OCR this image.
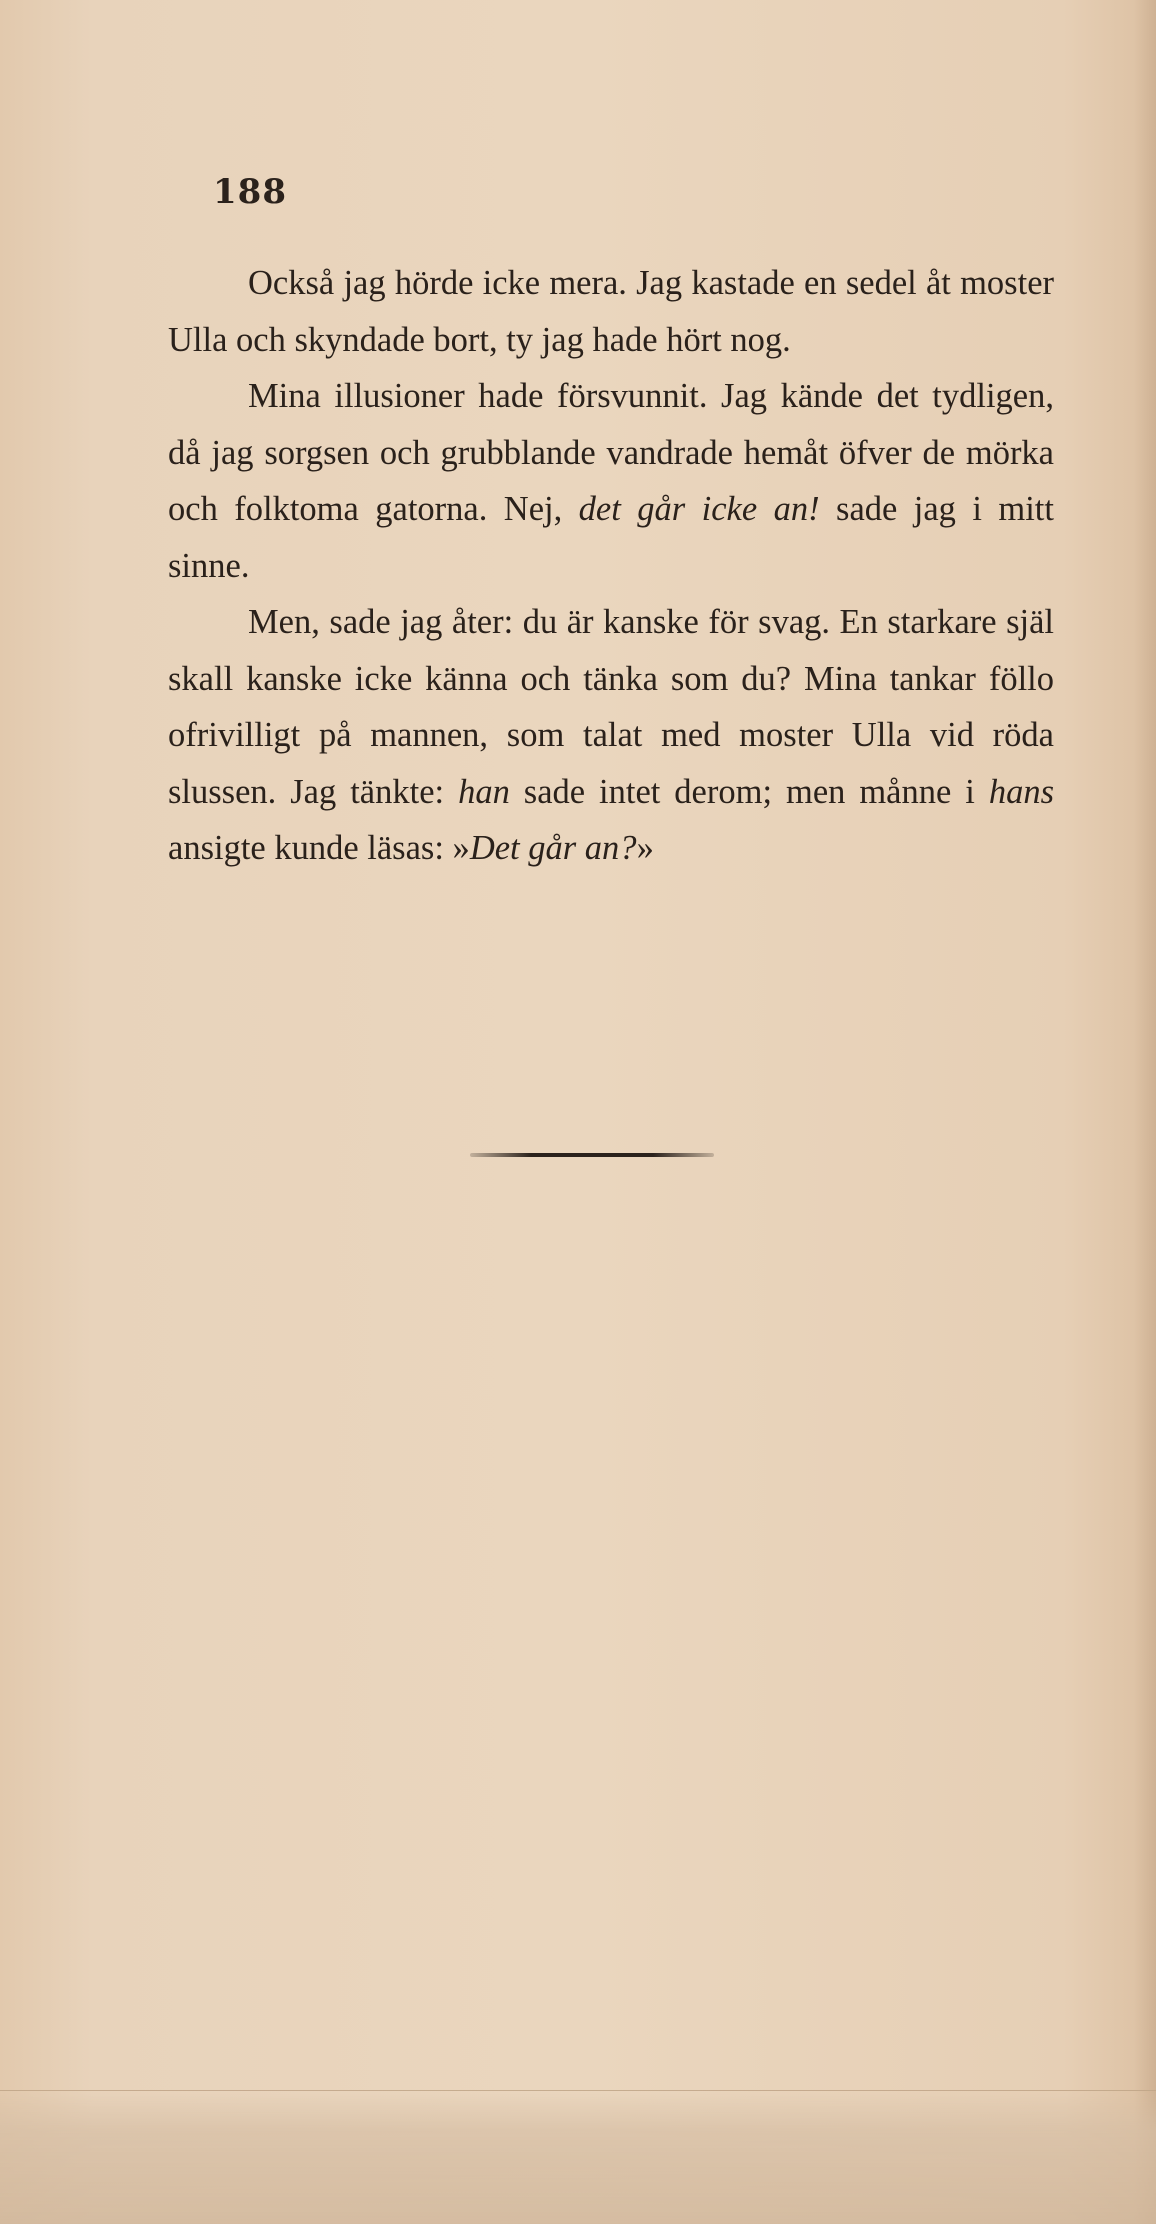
188

Också jag hörde icke mera. Jag kastade en sedel åt moster Ulla och skyndade bort, ty jag hade hört nog.

Mina illusioner hade försvunnit. Jag kände det tydligen, då jag sorgsen och grubblande vandrade hemåt öfver de mörka och folktoma gatorna. Nej, det går icke an! sade jag i mitt sinne.

Men, sade jag åter: du är kanske för svag. En starkare själ skall kanske icke känna och tänka som du? Mina tankar föllo ofrivilligt på mannen, som talat med moster Ulla vid röda slussen. Jag tänkte: han sade intet derom; men månne i hans ansigte kunde läsas: »Det går an?»
